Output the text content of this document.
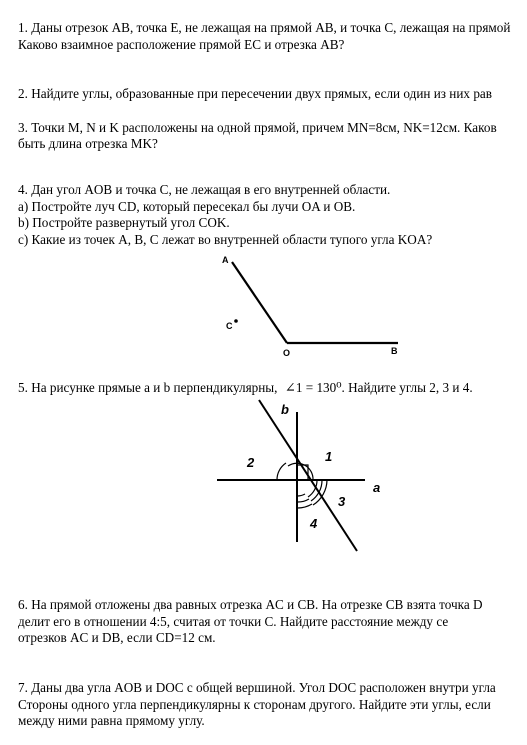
1. Даны отрезок AB, точка E, не лежащая на прямой AB, и точка C, лежащая на прямой
Каково взаимное расположение прямой EC и отрезка AB?
2. Найдите углы, образованные при пересечении двух прямых, если один из них рав
3. Точки M, N и K расположены на одной прямой, причем MN=8см, NK=12см. Каков
быть длина отрезка MK?
4. Дан угол AOB и точка C, не лежащая в его внутренней области.
a) Постройте луч CD, который пересекал бы лучи OA и OB.
b) Постройте развернутый угол COK.
c) Какие из точек A, B, C лежат во внутренней области тупого угла KOA?
A
C
O	B
5. На рисунке прямые a и b перпендикулярны, ∠1 = 130⁰. Найдите углы 2, 3 и 4.
b
a
1
2
3
4
6. На прямой отложены два равных отрезка AC и CB. На отрезке CB взята точка D
делит его в отношении 4:5, считая от точки C. Найдите расстояние между се
отрезков AC и DB, если CD=12 см.
7. Даны два угла AOB и DOC с общей вершиной. Угол DOC расположен внутри угла
Стороны одного угла перпендикулярны к сторонам другого. Найдите эти углы, если
между ними равна прямому углу.
